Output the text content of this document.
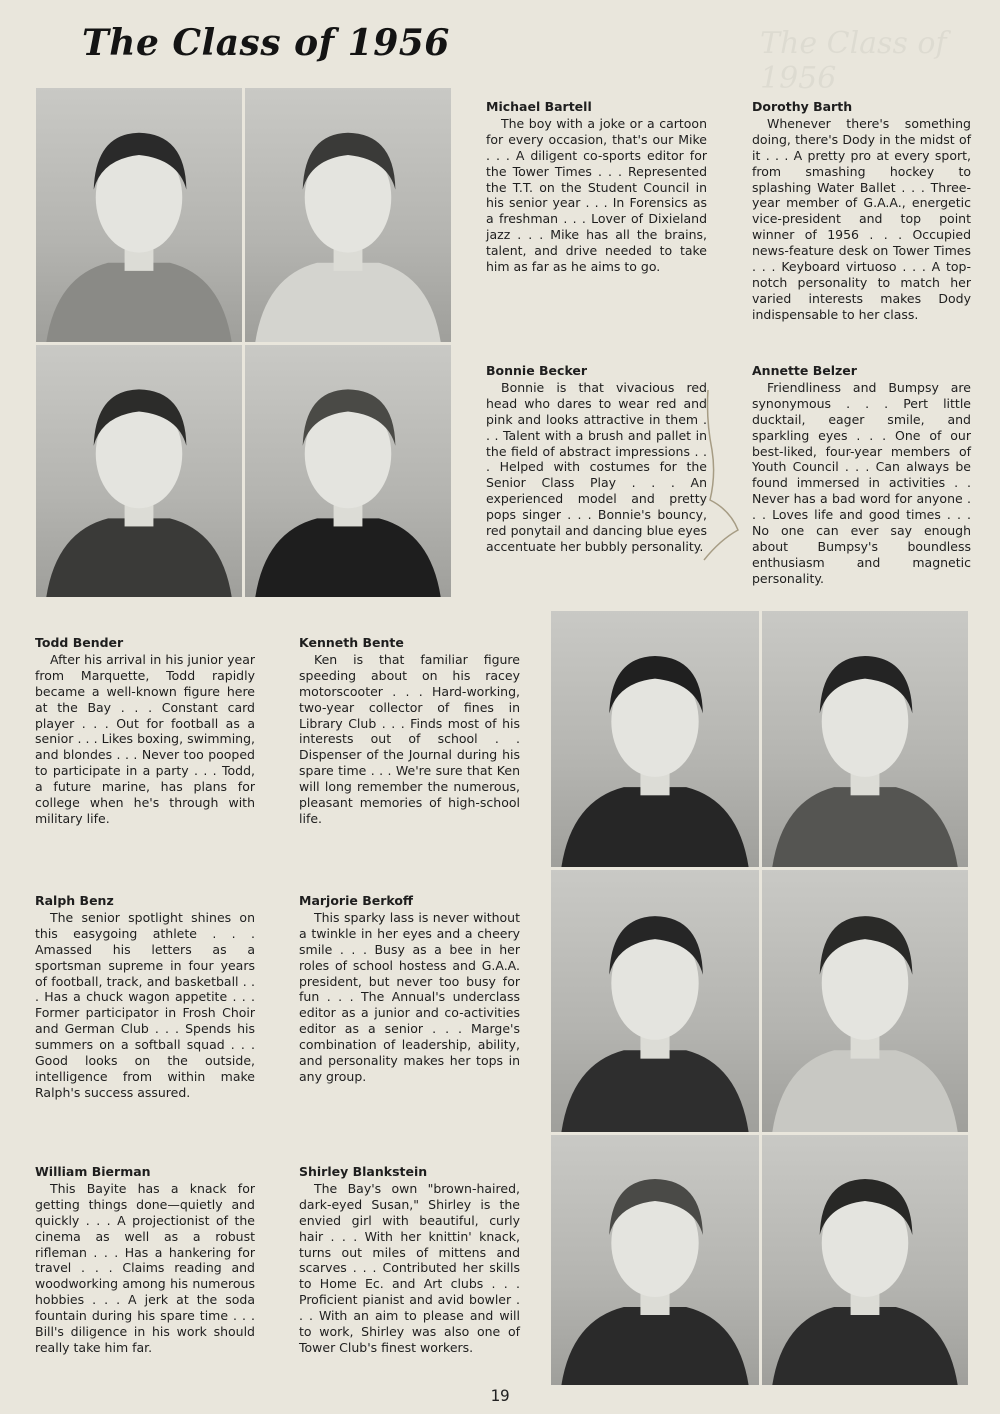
The Class of 1956	The Class of 1956
Michael Bartell

The boy with a joke or a cartoon for every occasion, that's our Mike . . . A diligent co-sports editor for the Tower Times . . . Represented the T.T. on the Student Council in his senior year . . . In Forensics as a freshman . . . Lover of Dixieland jazz . . . Mike has all the brains, talent, and drive needed to take him as far as he aims to go.

Dorothy Barth

Whenever there's something doing, there's Dody in the midst of it . . . A pretty pro at every sport, from smashing hockey to splashing Water Ballet . . . Three-year member of G.A.A., energetic vice-president and top point winner of 1956 . . . Occupied news-feature desk on Tower Times . . . Keyboard virtuoso . . . A top-notch personality to match her varied interests makes Dody indispensable to her class.

Bonnie Becker

Bonnie is that vivacious red head who dares to wear red and pink and looks attractive in them . . . Talent with a brush and pallet in the field of abstract impressions . . . Helped with costumes for the Senior Class Play . . . An experienced model and pretty pops singer . . . Bonnie's bouncy, red ponytail and dancing blue eyes accentuate her bubbly personality.

Annette Belzer

Friendliness and Bumpsy are synonymous . . . Pert little ducktail, eager smile, and sparkling eyes . . . One of our best-liked, four-year members of Youth Council . . . Can always be found immersed in activities . . Never has a bad word for anyone . . . Loves life and good times . . . No one can ever say enough about Bumpsy's boundless enthusiasm and magnetic personality.

Todd Bender

After his arrival in his junior year from Marquette, Todd rapidly became a well-known figure here at the Bay . . . Constant card player . . . Out for football as a senior . . . Likes boxing, swimming, and blondes . . . Never too pooped to participate in a party . . . Todd, a future marine, has plans for college when he's through with military life.

Kenneth Bente

Ken is that familiar figure speeding about on his racey motorscooter . . . Hard-working, two-year collector of fines in Library Club . . . Finds most of his interests out of school . . Dispenser of the Journal during his spare time . . . We're sure that Ken will long remember the numerous, pleasant memories of high-school life.

Ralph Benz

The senior spotlight shines on this easygoing athlete . . . Amassed his letters as a sportsman supreme in four years of football, track, and basketball . . . Has a chuck wagon appetite . . . Former participator in Frosh Choir and German Club . . . Spends his summers on a softball squad . . . Good looks on the outside, intelligence from within make Ralph's success assured.

Marjorie Berkoff

This sparky lass is never without a twinkle in her eyes and a cheery smile . . . Busy as a bee in her roles of school hostess and G.A.A. president, but never too busy for fun . . . The Annual's underclass editor as a junior and co-activities editor as a senior . . . Marge's combination of leadership, ability, and personality makes her tops in any group.

William Bierman

This Bayite has a knack for getting things done—quietly and quickly . . . A projectionist of the cinema as well as a robust rifleman . . . Has a hankering for travel . . . Claims reading and woodworking among his numerous hobbies . . . A jerk at the soda fountain during his spare time . . . Bill's diligence in his work should really take him far.

Shirley Blankstein

The Bay's own "brown-haired, dark-eyed Susan," Shirley is the envied girl with beautiful, curly hair . . . With her knittin' knack, turns out miles of mittens and scarves . . . Contributed her skills to Home Ec. and Art clubs . . . Proficient pianist and avid bowler . . . With an aim to please and will to work, Shirley was also one of Tower Club's finest workers.

19
